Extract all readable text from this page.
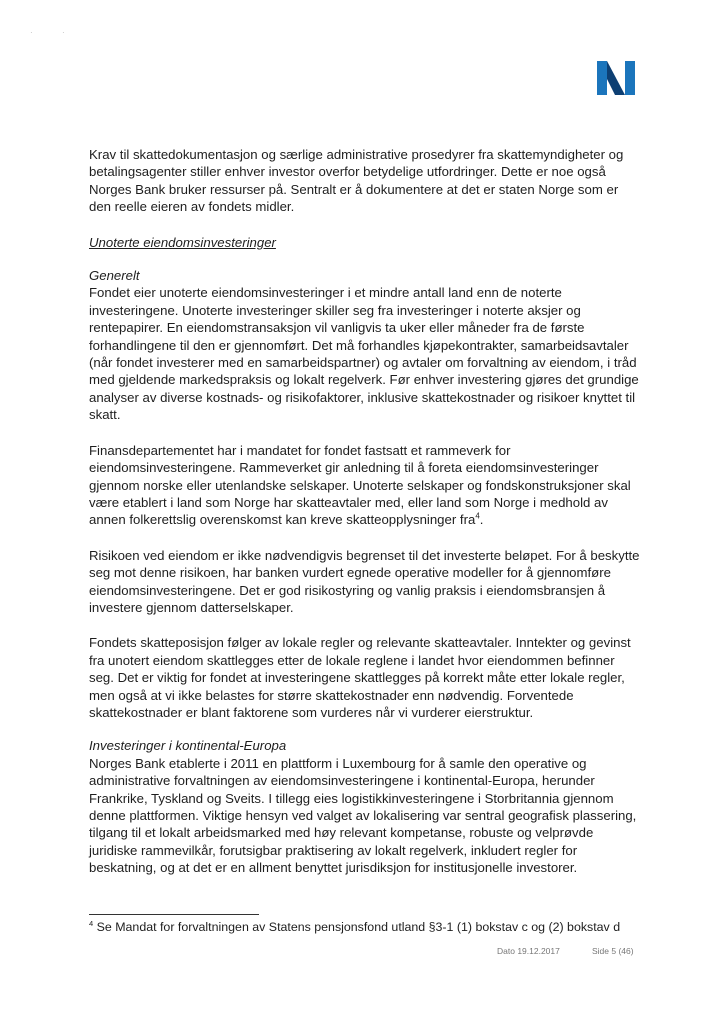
·	·

Krav til skattedokumentasjon og særlige administrative prosedyrer fra skattemyndigheter og betalingsagenter stiller enhver investor overfor betydelige utfordringer. Dette er noe også Norges Bank bruker ressurser på. Sentralt er å dokumentere at det er staten Norge som er den reelle eieren av fondets midler.

Unoterte eiendomsinvesteringer

Generelt
Fondet eier unoterte eiendomsinvesteringer i et mindre antall land enn de noterte investeringene. Unoterte investeringer skiller seg fra investeringer i noterte aksjer og rentepapirer. En eiendomstransaksjon vil vanligvis ta uker eller måneder fra de første forhandlingene til den er gjennomført. Det må forhandles kjøpekontrakter, samarbeidsavtaler (når fondet investerer med en samarbeidspartner) og avtaler om forvaltning av eiendom, i tråd med gjeldende markedspraksis og lokalt regelverk. Før enhver investering gjøres det grundige analyser av diverse kostnads- og risikofaktorer, inklusive skattekostnader og risikoer knyttet til skatt.

Finansdepartementet har i mandatet for fondet fastsatt et rammeverk for eiendomsinvesteringene. Rammeverket gir anledning til å foreta eiendomsinvesteringer gjennom norske eller utenlandske selskaper. Unoterte selskaper og fondskonstruksjoner skal være etablert i land som Norge har skatteavtaler med, eller land som Norge i medhold av annen folkerettslig overenskomst kan kreve skatteopplysninger fra$^4$.

Risikoen ved eiendom er ikke nødvendigvis begrenset til det investerte beløpet. For å beskytte seg mot denne risikoen, har banken vurdert egnede operative modeller for å gjennomføre eiendomsinvesteringene. Det er god risikostyring og vanlig praksis i eiendomsbransjen å investere gjennom datterselskaper.

Fondets skatteposisjon følger av lokale regler og relevante skatteavtaler. Inntekter og gevinst fra unotert eiendom skattlegges etter de lokale reglene i landet hvor eiendommen befinner seg. Det er viktig for fondet at investeringene skattlegges på korrekt måte etter lokale regler, men også at vi ikke belastes for større skattekostnader enn nødvendig. Forventede skattekostnader er blant faktorene som vurderes når vi vurderer eierstruktur.

Investeringer i kontinental-Europa
Norges Bank etablerte i 2011 en plattform i Luxembourg for å samle den operative og administrative forvaltningen av eiendomsinvesteringene i kontinental-Europa, herunder Frankrike, Tyskland og Sveits. I tillegg eies logistikkinvesteringene i Storbritannia gjennom denne plattformen. Viktige hensyn ved valget av lokalisering var sentral geografisk plassering, tilgang til et lokalt arbeidsmarked med høy relevant kompetanse, robuste og velprøvde juridiske rammevilkår, forutsigbar praktisering av lokalt regelverk, inkludert regler for beskatning, og at det er en allment benyttet jurisdiksjon for institusjonelle investorer.

$^4$ Se Mandat for forvaltningen av Statens pensjonsfond utland §3-1 (1) bokstav c og (2) bokstav d
Dato 19.12.2017	Side 5 (46)
